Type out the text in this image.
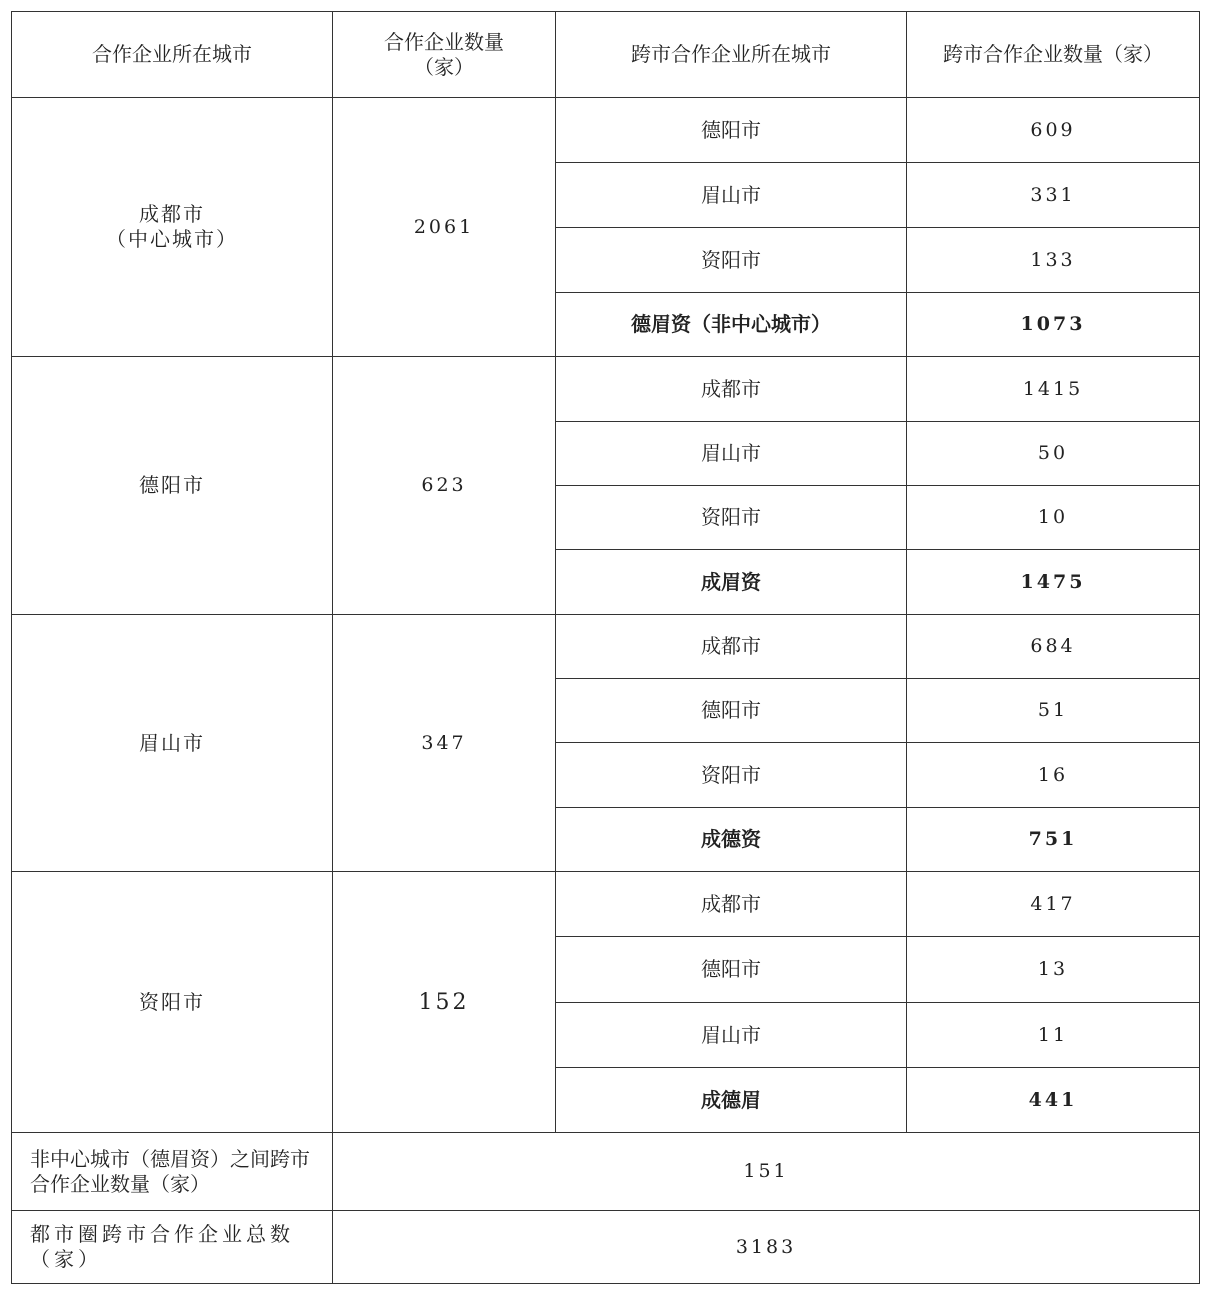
合作企业所在城市	合作企业数量（家）	跨市合作企业所在城市	跨市合作企业数量（家）

成都市
（中心城市）	2061	德阳市	609
		眉山市	331
		资阳市	133
		德眉资（非中心城市）	1073

德阳市	623	成都市	1415
		眉山市	50
		资阳市	10
		成眉资	1475

眉山市	347	成都市	684
		德阳市	51
		资阳市	16
		成德资	751

资阳市	152	成都市	417
		德阳市	13
		眉山市	11
		成德眉	441
非中心城市（德眉资）之间跨市合作企业数量（家）	151		
都市圈跨市合作企业总数（家）	3183		
